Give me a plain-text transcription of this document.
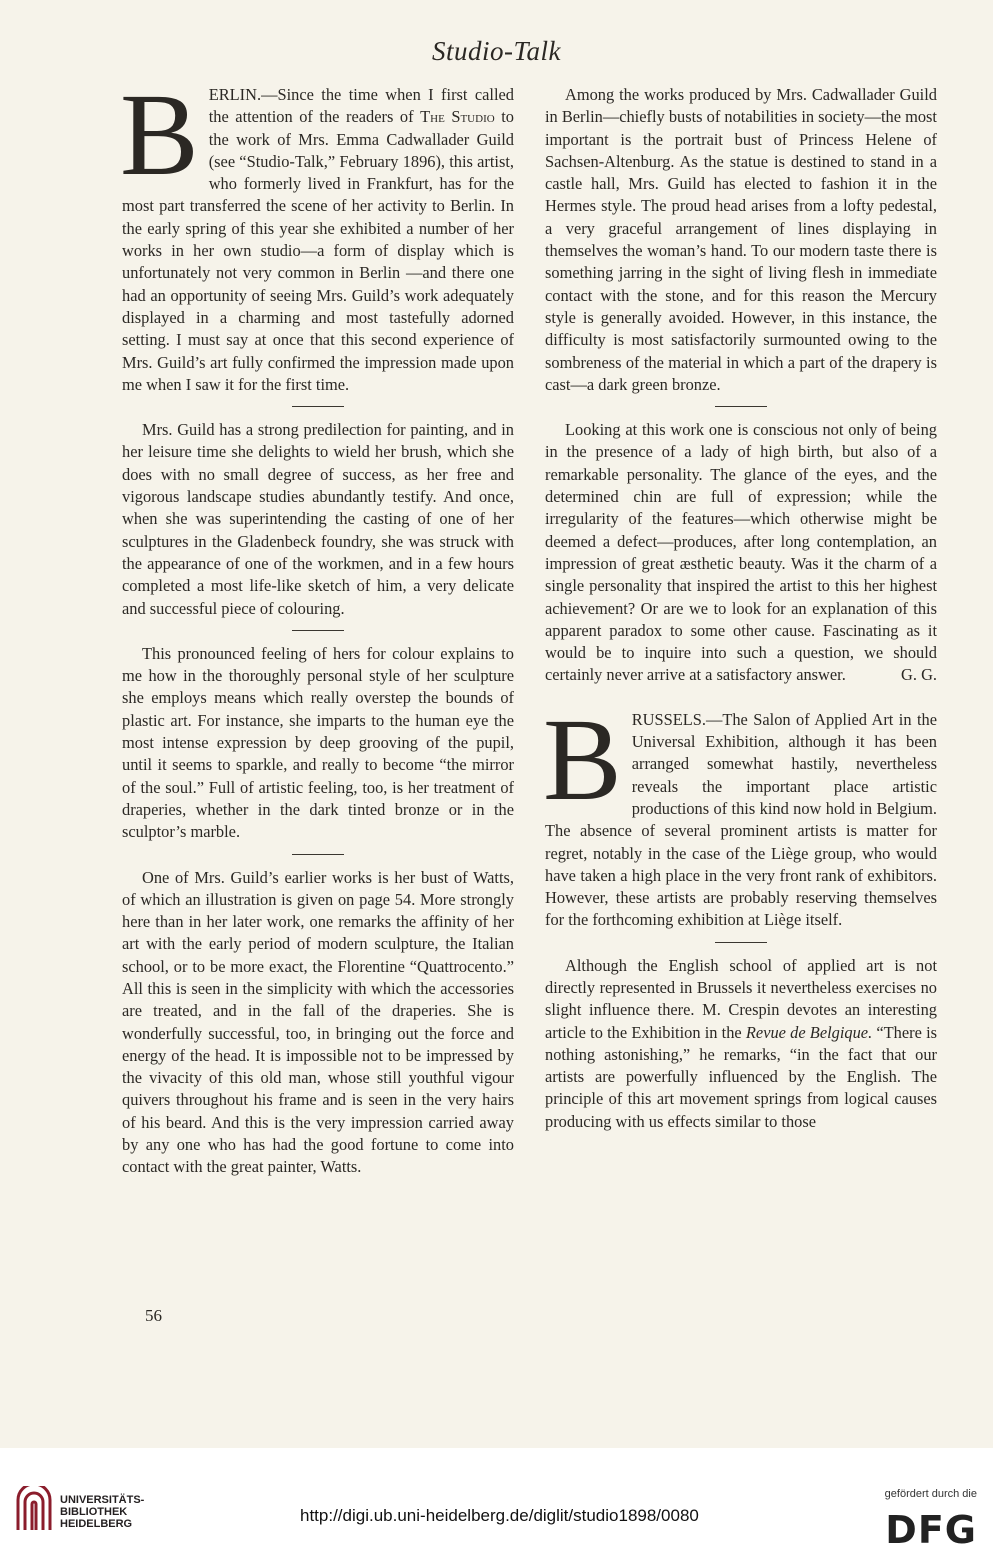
Studio-Talk

BERLIN.—Since the time when I first called the attention of the readers of The Studio to the work of Mrs. Emma Cadwallader Guild (see “Studio-Talk,” February 1896), this artist, who formerly lived in Frankfurt, has for the most part transferred the scene of her activity to Berlin. In the early spring of this year she exhibited a number of her works in her own studio—a form of display which is unfortunately not very common in Berlin —and there one had an opportunity of seeing Mrs. Guild’s work adequately displayed in a charming and most tastefully adorned setting. I must say at once that this second experience of Mrs. Guild’s art fully confirmed the impression made upon me when I saw it for the first time.

Mrs. Guild has a strong predilection for painting, and in her leisure time she delights to wield her brush, which she does with no small degree of success, as her free and vigorous landscape studies abundantly testify. And once, when she was superintending the casting of one of her sculptures in the Gladenbeck foundry, she was struck with the appearance of one of the workmen, and in a few hours completed a most life-like sketch of him, a very delicate and successful piece of colouring.

This pronounced feeling of hers for colour explains to me how in the thoroughly personal style of her sculpture she employs means which really overstep the bounds of plastic art. For instance, she imparts to the human eye the most intense expression by deep grooving of the pupil, until it seems to sparkle, and really to become “the mirror of the soul.” Full of artistic feeling, too, is her treatment of draperies, whether in the dark tinted bronze or in the sculptor’s marble.

One of Mrs. Guild’s earlier works is her bust of Watts, of which an illustration is given on page 54. More strongly here than in her later work, one remarks the affinity of her art with the early period of modern sculpture, the Italian school, or to be more exact, the Florentine “Quattrocento.” All this is seen in the simplicity with which the accessories are treated, and in the fall of the draperies. She is wonderfully successful, too, in bringing out the force and energy of the head. It is impossible not to be impressed by the vivacity of this old man, whose still youthful vigour quivers throughout his frame and is seen in the very hairs of his beard. And this is the very impression carried away by any one who has had the good fortune to come into contact with the great painter, Watts.

Among the works produced by Mrs. Cadwallader Guild in Berlin—chiefly busts of notabilities in society—the most important is the portrait bust of Princess Helene of Sachsen-Altenburg. As the statue is destined to stand in a castle hall, Mrs. Guild has elected to fashion it in the Hermes style. The proud head arises from a lofty pedestal, a very graceful arrangement of lines displaying in themselves the woman’s hand. To our modern taste there is something jarring in the sight of living flesh in immediate contact with the stone, and for this reason the Mercury style is generally avoided. However, in this instance, the difficulty is most satisfactorily surmounted owing to the sombreness of the material in which a part of the drapery is cast—a dark green bronze.

Looking at this work one is conscious not only of being in the presence of a lady of high birth, but also of a remarkable personality. The glance of the eyes, and the determined chin are full of expression; while the irregularity of the features—which otherwise might be deemed a defect—produces, after long contemplation, an impression of great æsthetic beauty. Was it the charm of a single personality that inspired the artist to this her highest achievement? Or are we to look for an explanation of this apparent paradox to some other cause. Fascinating as it would be to inquire into such a question, we should certainly never arrive at a satisfactory answer.	G. G.

BRUSSELS.—The Salon of Applied Art in the Universal Exhibition, although it has been arranged somewhat hastily, nevertheless reveals the important place artistic productions of this kind now hold in Belgium. The absence of several prominent artists is matter for regret, notably in the case of the Liège group, who would have taken a high place in the very front rank of exhibitors. However, these artists are probably reserving themselves for the forthcoming exhibition at Liège itself.

Although the English school of applied art is not directly represented in Brussels it nevertheless exercises no slight influence there. M. Crespin devotes an interesting article to the Exhibition in the Revue de Belgique. “There is nothing astonishing,” he remarks, “in the fact that our artists are powerfully influenced by the English. The principle of this art movement springs from logical causes producing with us effects similar to those

56
UNIVERSITÄTS-
BIBLIOTHEK
HEIDELBERG	http://digi.ub.uni-heidelberg.de/diglit/studio1898/0080
gefördert durch die
DFG
